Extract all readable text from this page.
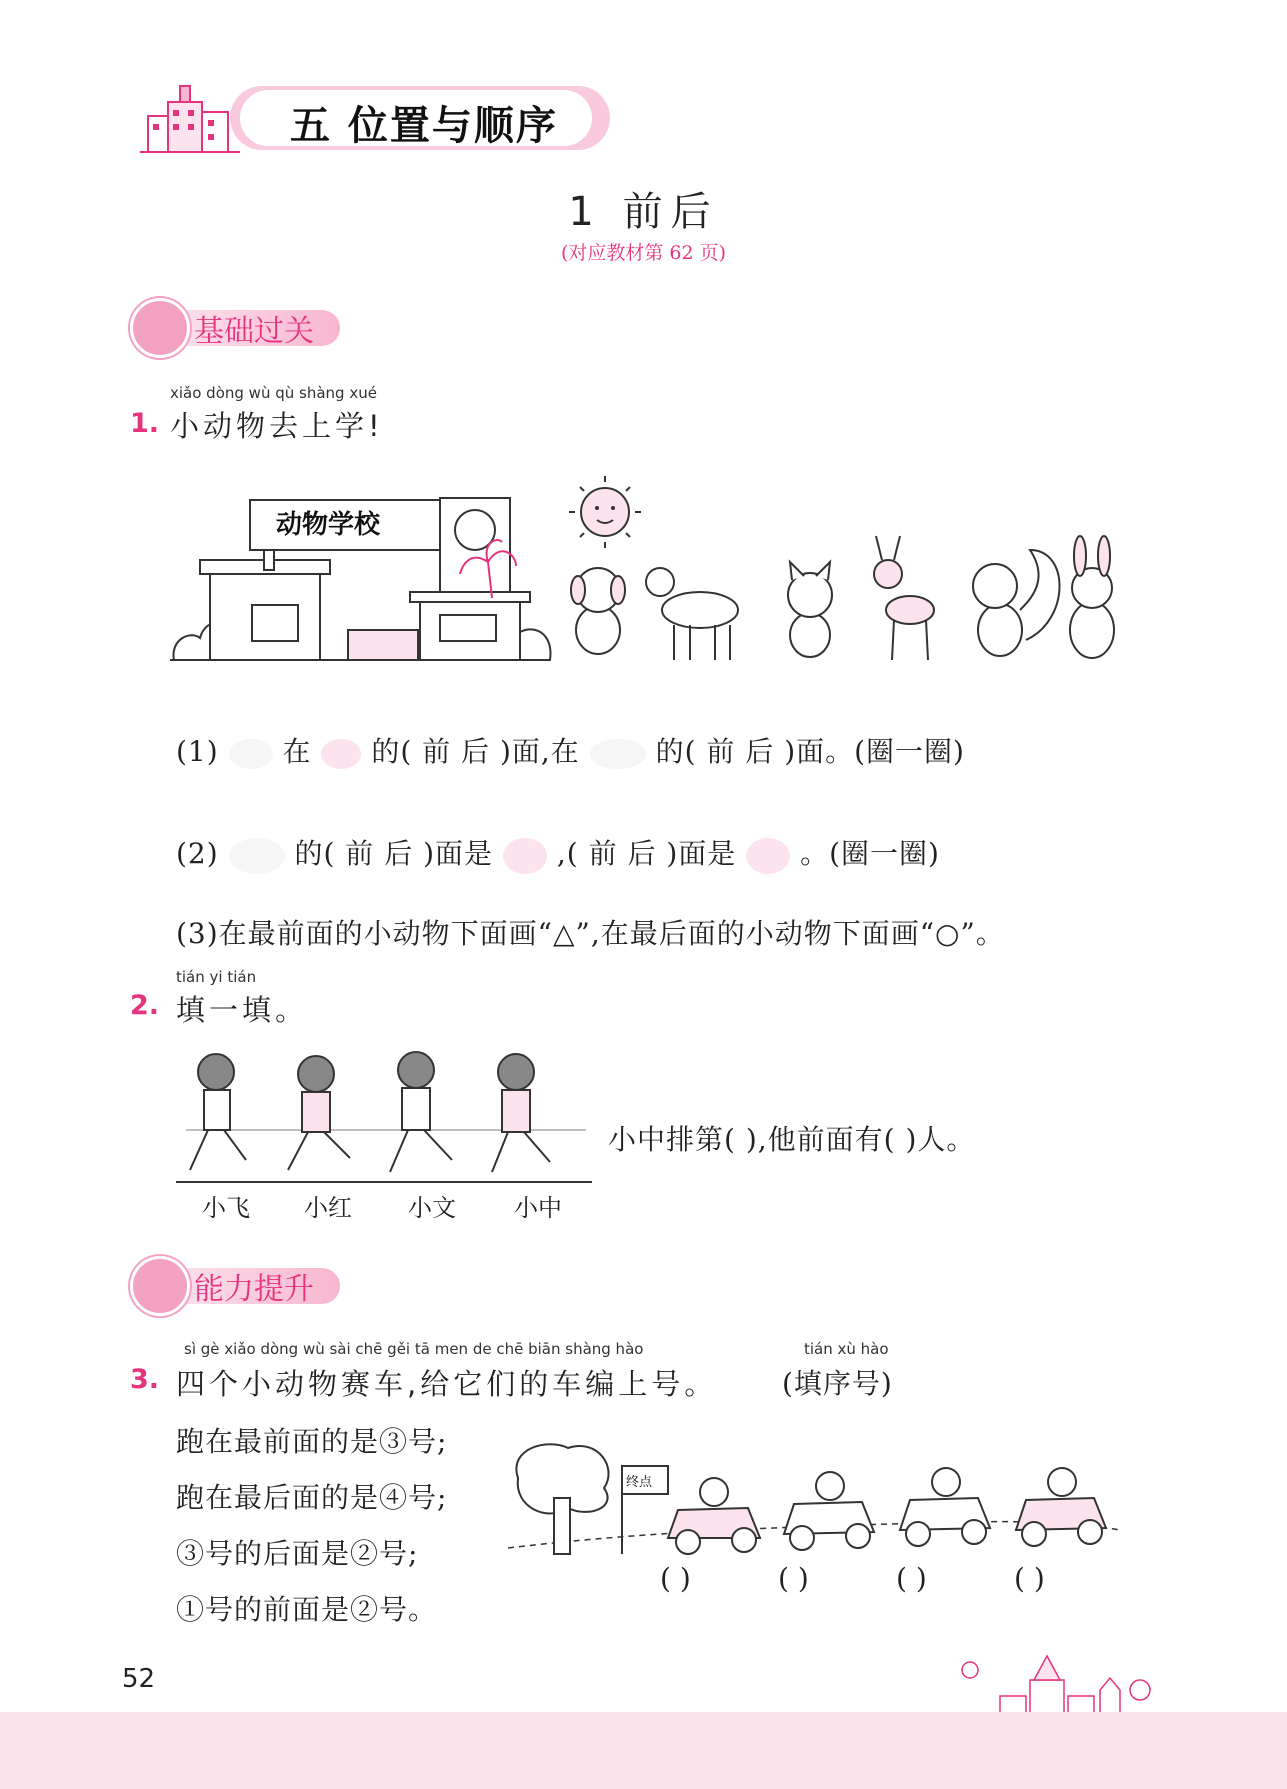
五 位置与顺序
1 前后
(对应教材第 62 页)
基础过关
xiǎo dòng wù qù shàng xué
1. 小动物去上学!
动物学校
(1) 在 的( 前 后 )面,在	的( 前 后 )面。(圈一圈)
(2)	的( 前 后 )面是 ,( 前 后 )面是 。(圈一圈)
(3)在最前面的小动物下面画“△”,在最后面的小动物下面画“○”。
tián yi tián
2. 填一填。
小飞 小红 小文 小中
小中排第( ),他前面有( )人。
能力提升
sì gè xiǎo dòng wù sài chē gěi tā men de chē biān shàng hào	tián xù hào
3. 四个小动物赛车,给它们的车编上号。 (填序号)
跑在最前面的是③号;
跑在最后面的是④号;
③号的后面是②号;
①号的前面是②号。
终点
( )	( )	( )	( )
52
